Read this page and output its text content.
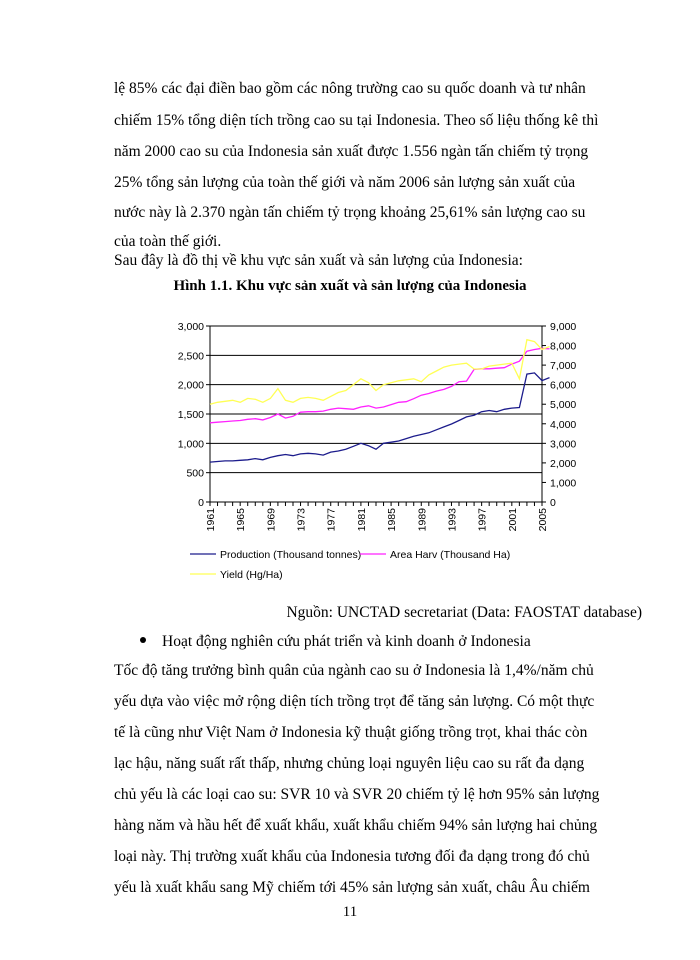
lệ 85% các đại điền bao gồm các nông trường cao su quốc doanh và tư nhân
chiếm 15% tổng diện tích trồng cao su tại Indonesia. Theo số liệu thống kê thì
năm 2000 cao su của Indonesia sản xuất được 1.556 ngàn tấn chiếm tỷ trọng
25% tổng sản lượng của toàn thế giới và năm 2006 sản lượng sản xuất của
nước này là 2.370 ngàn tấn chiếm tỷ trọng khoảng 25,61% sản lượng cao su
của toàn thế giới.
Sau đây là đồ thị về khu vực sản xuất và sản lượng của Indonesia:
Hình 1.1. Khu vực sản xuất và sản lượng của Indonesia
0
500
1,000
1,500
2,000
2,500
3,000
0
1,000
2,000
3,000
4,000
5,000
6,000
7,000
8,000
9,000
1961 1965 1969 1973 1977 1981 1985 1989 1993 1997 2001 2005
Production (Thousand tonnes)	Area Harv (Thousand Ha)
Yield (Hg/Ha)
Nguồn: UNCTAD secretariat (Data: FAOSTAT database)
Hoạt động nghiên cứu phát triển và kinh doanh ở Indonesia
Tốc độ tăng trưởng bình quân của ngành cao su ở Indonesia là 1,4%/năm chủ
yếu dựa vào việc mở rộng diện tích trồng trọt để tăng sản lượng. Có một thực
tế là cũng như Việt Nam ở Indonesia kỹ thuật giống trồng trọt, khai thác còn
lạc hậu, năng suất rất thấp, nhưng chủng loại nguyên liệu cao su rất đa dạng
chủ yếu là các loại cao su: SVR 10 và SVR 20 chiếm tỷ lệ hơn 95% sản lượng
hàng năm và hầu hết để xuất khẩu, xuất khẩu chiếm 94% sản lượng hai chủng
loại này. Thị trường xuất khẩu của Indonesia tương đối đa dạng trong đó chủ
yếu là xuất khẩu sang Mỹ chiếm tới 45% sản lượng sản xuất, châu Âu chiếm
11
